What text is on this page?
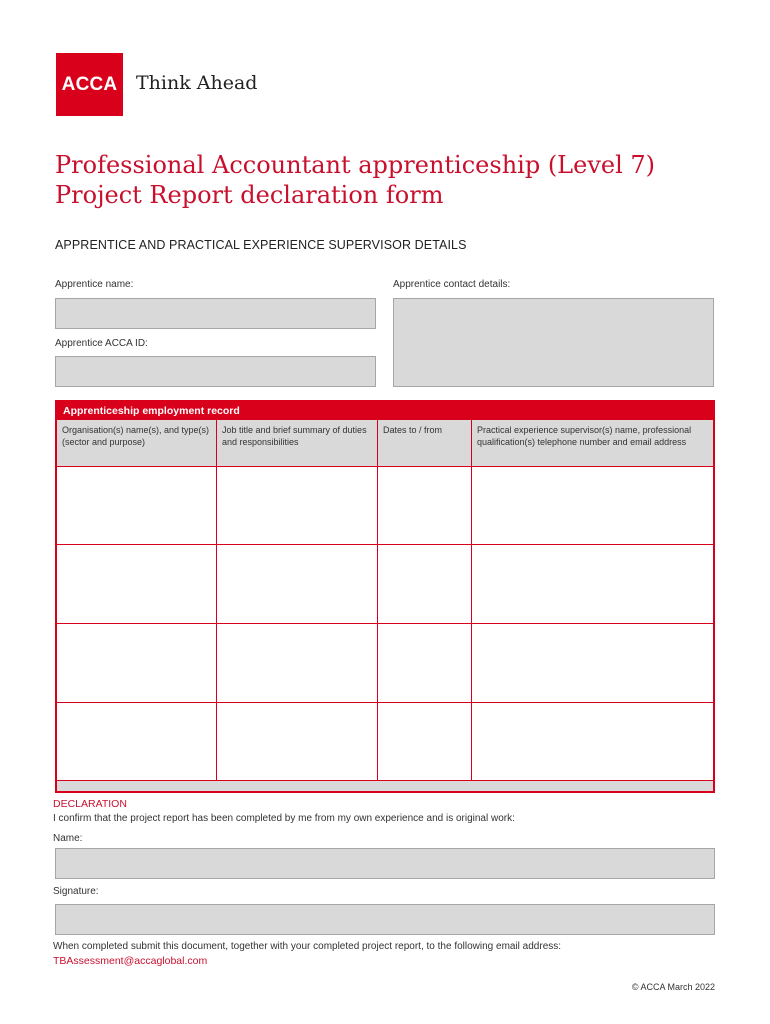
ACCA Think Ahead
Professional Accountant apprenticeship (Level 7)
Project Report declaration form
APPRENTICE AND PRACTICAL EXPERIENCE SUPERVISOR DETAILS
Apprentice name:	Apprentice contact details:
Apprentice ACCA ID:
Apprenticeship employment record
Organisation(s) name(s), and type(s) (sector and purpose)
Job title and brief summary of duties and responsibilities
Dates to / from	Practical experience supervisor(s) name, professional qualification(s) telephone number and email address
DECLARATION
I confirm that the project report has been completed by me from my own experience and is original work:
Name:
Signature:
When completed submit this document, together with your completed project report, to the following email address:
TBAssessment@accaglobal.com
© ACCA March 2022
